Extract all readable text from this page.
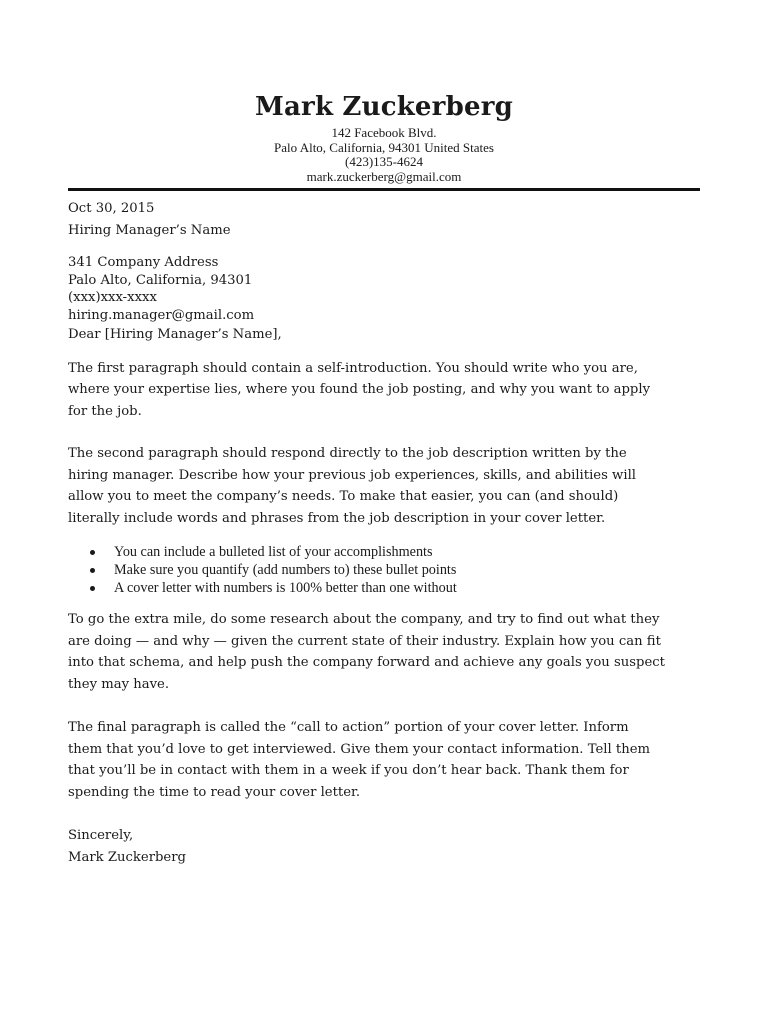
Mark Zuckerberg
142 Facebook Blvd.
Palo Alto, California, 94301 United States
(423)135-4624
mark.zuckerberg@gmail.com

Oct 30, 2015

Hiring Manager’s Name

341 Company Address

Palo Alto, California, 94301

(xxx)xxx-xxxx

hiring.manager@gmail.com

Dear [Hiring Manager’s Name],

The first paragraph should contain a self-introduction. You should write who you are,

where your expertise lies, where you found the job posting, and why you want to apply

for the job.

The second paragraph should respond directly to the job description written by the

hiring manager. Describe how your previous job experiences, skills, and abilities will

allow you to meet the company’s needs. To make that easier, you can (and should)

literally include words and phrases from the job description in your cover letter.

You can include a bulleted list of your accomplishments
Make sure you quantify (add numbers to) these bullet points
A cover letter with numbers is 100% better than one without

To go the extra mile, do some research about the company, and try to find out what they

are doing — and why — given the current state of their industry. Explain how you can fit

into that schema, and help push the company forward and achieve any goals you suspect

they may have.

The final paragraph is called the “call to action” portion of your cover letter. Inform

them that you’d love to get interviewed. Give them your contact information. Tell them

that you’ll be in contact with them in a week if you don’t hear back. Thank them for

spending the time to read your cover letter.

Sincerely,

Mark Zuckerberg
